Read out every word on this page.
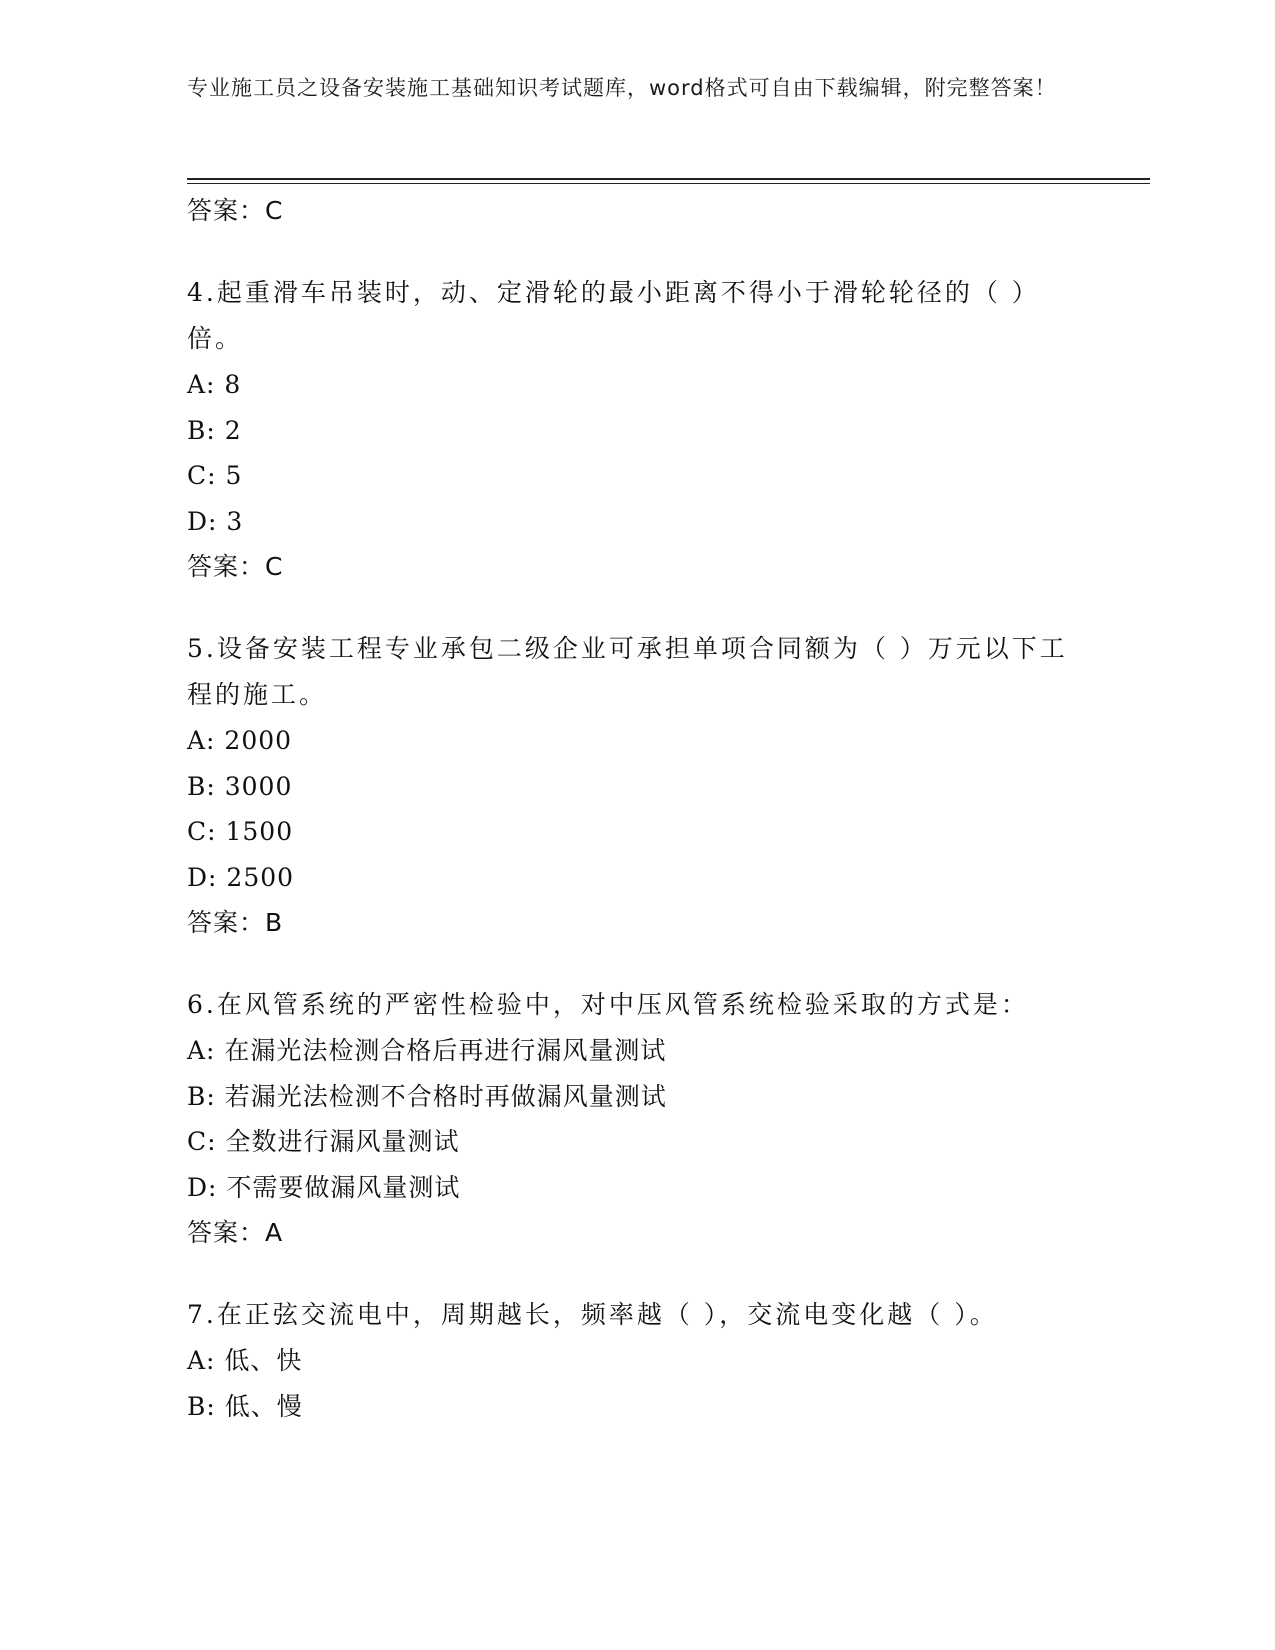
专业施工员之设备安装施工基础知识考试题库，word格式可自由下载编辑，附完整答案！
答案：C
4.起重滑车吊装时，动、定滑轮的最小距离不得小于滑轮轮径的（ ）倍。
A: 8
B: 2
C: 5
D: 3
答案：C
5.设备安装工程专业承包二级企业可承担单项合同额为（ ）万元以下工程的施工。
A: 2000
B: 3000
C: 1500
D: 2500
答案：B
6.在风管系统的严密性检验中，对中压风管系统检验采取的方式是：
A: 在漏光法检测合格后再进行漏风量测试
B: 若漏光法检测不合格时再做漏风量测试
C: 全数进行漏风量测试
D: 不需要做漏风量测试
答案：A
7.在正弦交流电中，周期越长，频率越（ ），交流电变化越（ ）。
A: 低、快
B: 低、慢
